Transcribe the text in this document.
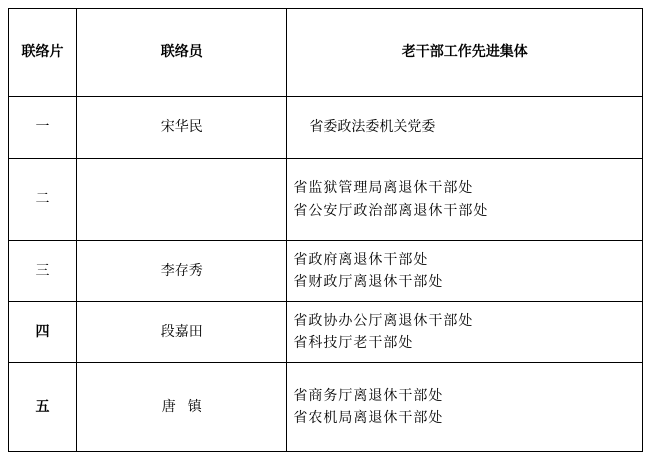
联络片	联络员	老干部工作先进集体
一	宋华民	省委政法委机关党委

二		省监狱管理局离退休干部处
省公安厅政治部离退休干部处

三	李存秀	省政府离退休干部处
省财政厅离退休干部处

四	段嘉田	省政协办公厅离退休干部处
省科技厅老干部处

五	唐镇	省商务厅离退休干部处
省农机局离退休干部处
